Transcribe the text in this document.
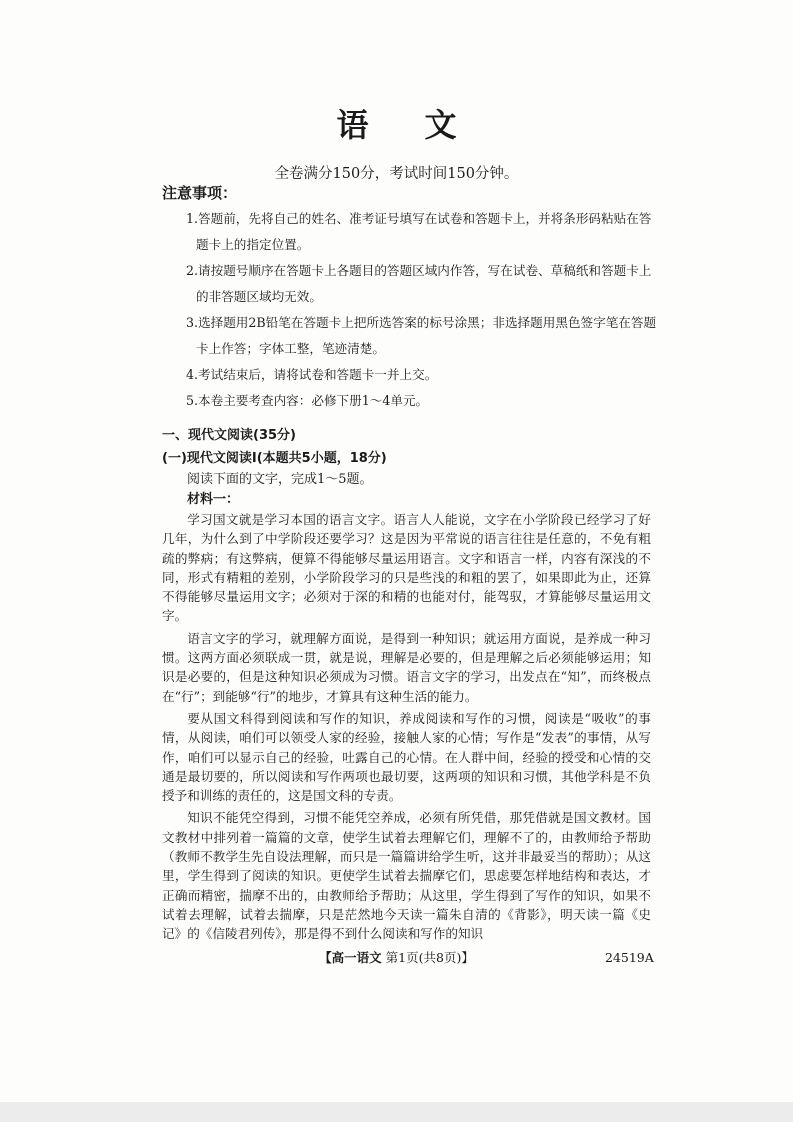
语文
全卷满分150分，考试时间150分钟。
注意事项：

1.答题前，先将自己的姓名、准考证号填写在试卷和答题卡上，并将条形码粘贴在答题卡上的指定位置。

2.请按题号顺序在答题卡上各题目的答题区域内作答，写在试卷、草稿纸和答题卡上的非答题区域均无效。

3.选择题用2B铅笔在答题卡上把所选答案的标号涂黑；非选择题用黑色签字笔在答题卡上作答；字体工整，笔迹清楚。

4.考试结束后，请将试卷和答题卡一并上交。

5.本卷主要考查内容：必修下册1～4单元。

一、现代文阅读(35分)
(一)现代文阅读Ⅰ(本题共5小题，18分)
阅读下面的文字，完成1～5题。
材料一：

学习国文就是学习本国的语言文字。语言人人能说，文字在小学阶段已经学习了好几年，为什么到了中学阶段还要学习？这是因为平常说的语言往往是任意的，不免有粗疏的弊病；有这弊病，便算不得能够尽量运用语言。文字和语言一样，内容有深浅的不同，形式有精粗的差别，小学阶段学习的只是些浅的和粗的罢了，如果即此为止，还算不得能够尽量运用文字；必须对于深的和精的也能对付，能驾驭，才算能够尽量运用文字。

语言文字的学习，就理解方面说，是得到一种知识；就运用方面说，是养成一种习惯。这两方面必须联成一贯，就是说，理解是必要的，但是理解之后必须能够运用；知识是必要的，但是这种知识必须成为习惯。语言文字的学习，出发点在“知”，而终极点在“行”；到能够“行”的地步，才算具有这种生活的能力。

要从国文科得到阅读和写作的知识，养成阅读和写作的习惯，阅读是“吸收”的事情，从阅读，咱们可以领受人家的经验，接触人家的心情；写作是“发表”的事情，从写作，咱们可以显示自己的经验，吐露自己的心情。在人群中间，经验的授受和心情的交通是最切要的，所以阅读和写作两项也最切要，这两项的知识和习惯，其他学科是不负授予和训练的责任的，这是国文科的专责。

知识不能凭空得到，习惯不能凭空养成，必须有所凭借，那凭借就是国文教材。国文教材中排列着一篇篇的文章，使学生试着去理解它们，理解不了的，由教师给予帮助（教师不教学生先自设法理解，而只是一篇篇讲给学生听，这并非最妥当的帮助）；从这里，学生得到了阅读的知识。更使学生试着去揣摩它们，思虑要怎样地结构和表达，才正确而精密，揣摩不出的，由教师给予帮助；从这里，学生得到了写作的知识，如果不试着去理解，试着去揣摩，只是茫然地今天读一篇朱自清的《背影》，明天读一篇《史记》的《信陵君列传》，那是得不到什么阅读和写作的知识

【高一语文 第1页(共8页)】	24519A
